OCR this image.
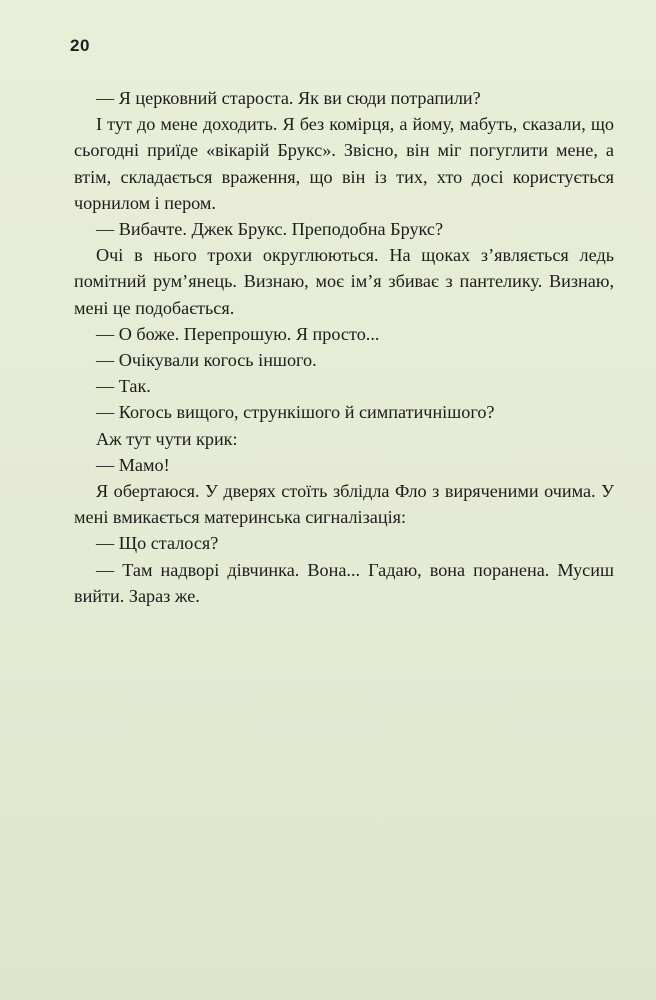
20

— Я церковний староста. Як ви сюди потрапили?

І тут до мене доходить. Я без комірця, а йому, мабуть, сказали, що сьогодні приїде «вікарій Брукс». Звісно, він міг погуглити мене, а втім, складається враження, що він із тих, хто досі користується чорнилом і пером.

— Вибачте. Джек Брукс. Преподобна Брукс?

Очі в нього трохи округлюються. На щоках з’являється ледь помітний рум’янець. Визнаю, моє ім’я збиває з пантелику. Визнаю, мені це подобається.

— О боже. Перепрошую. Я просто...

— Очікували когось іншого.

— Так.

— Когось вищого, стрункішого й симпатичнішого?

Аж тут чути крик:

— Мамо!

Я обертаюся. У дверях стоїть зблідла Фло з виряченими очима. У мені вмикається материнська сигналізація:

— Що сталося?

— Там надворі дівчинка. Вона... Гадаю, вона поранена. Мусиш вийти. Зараз же.
